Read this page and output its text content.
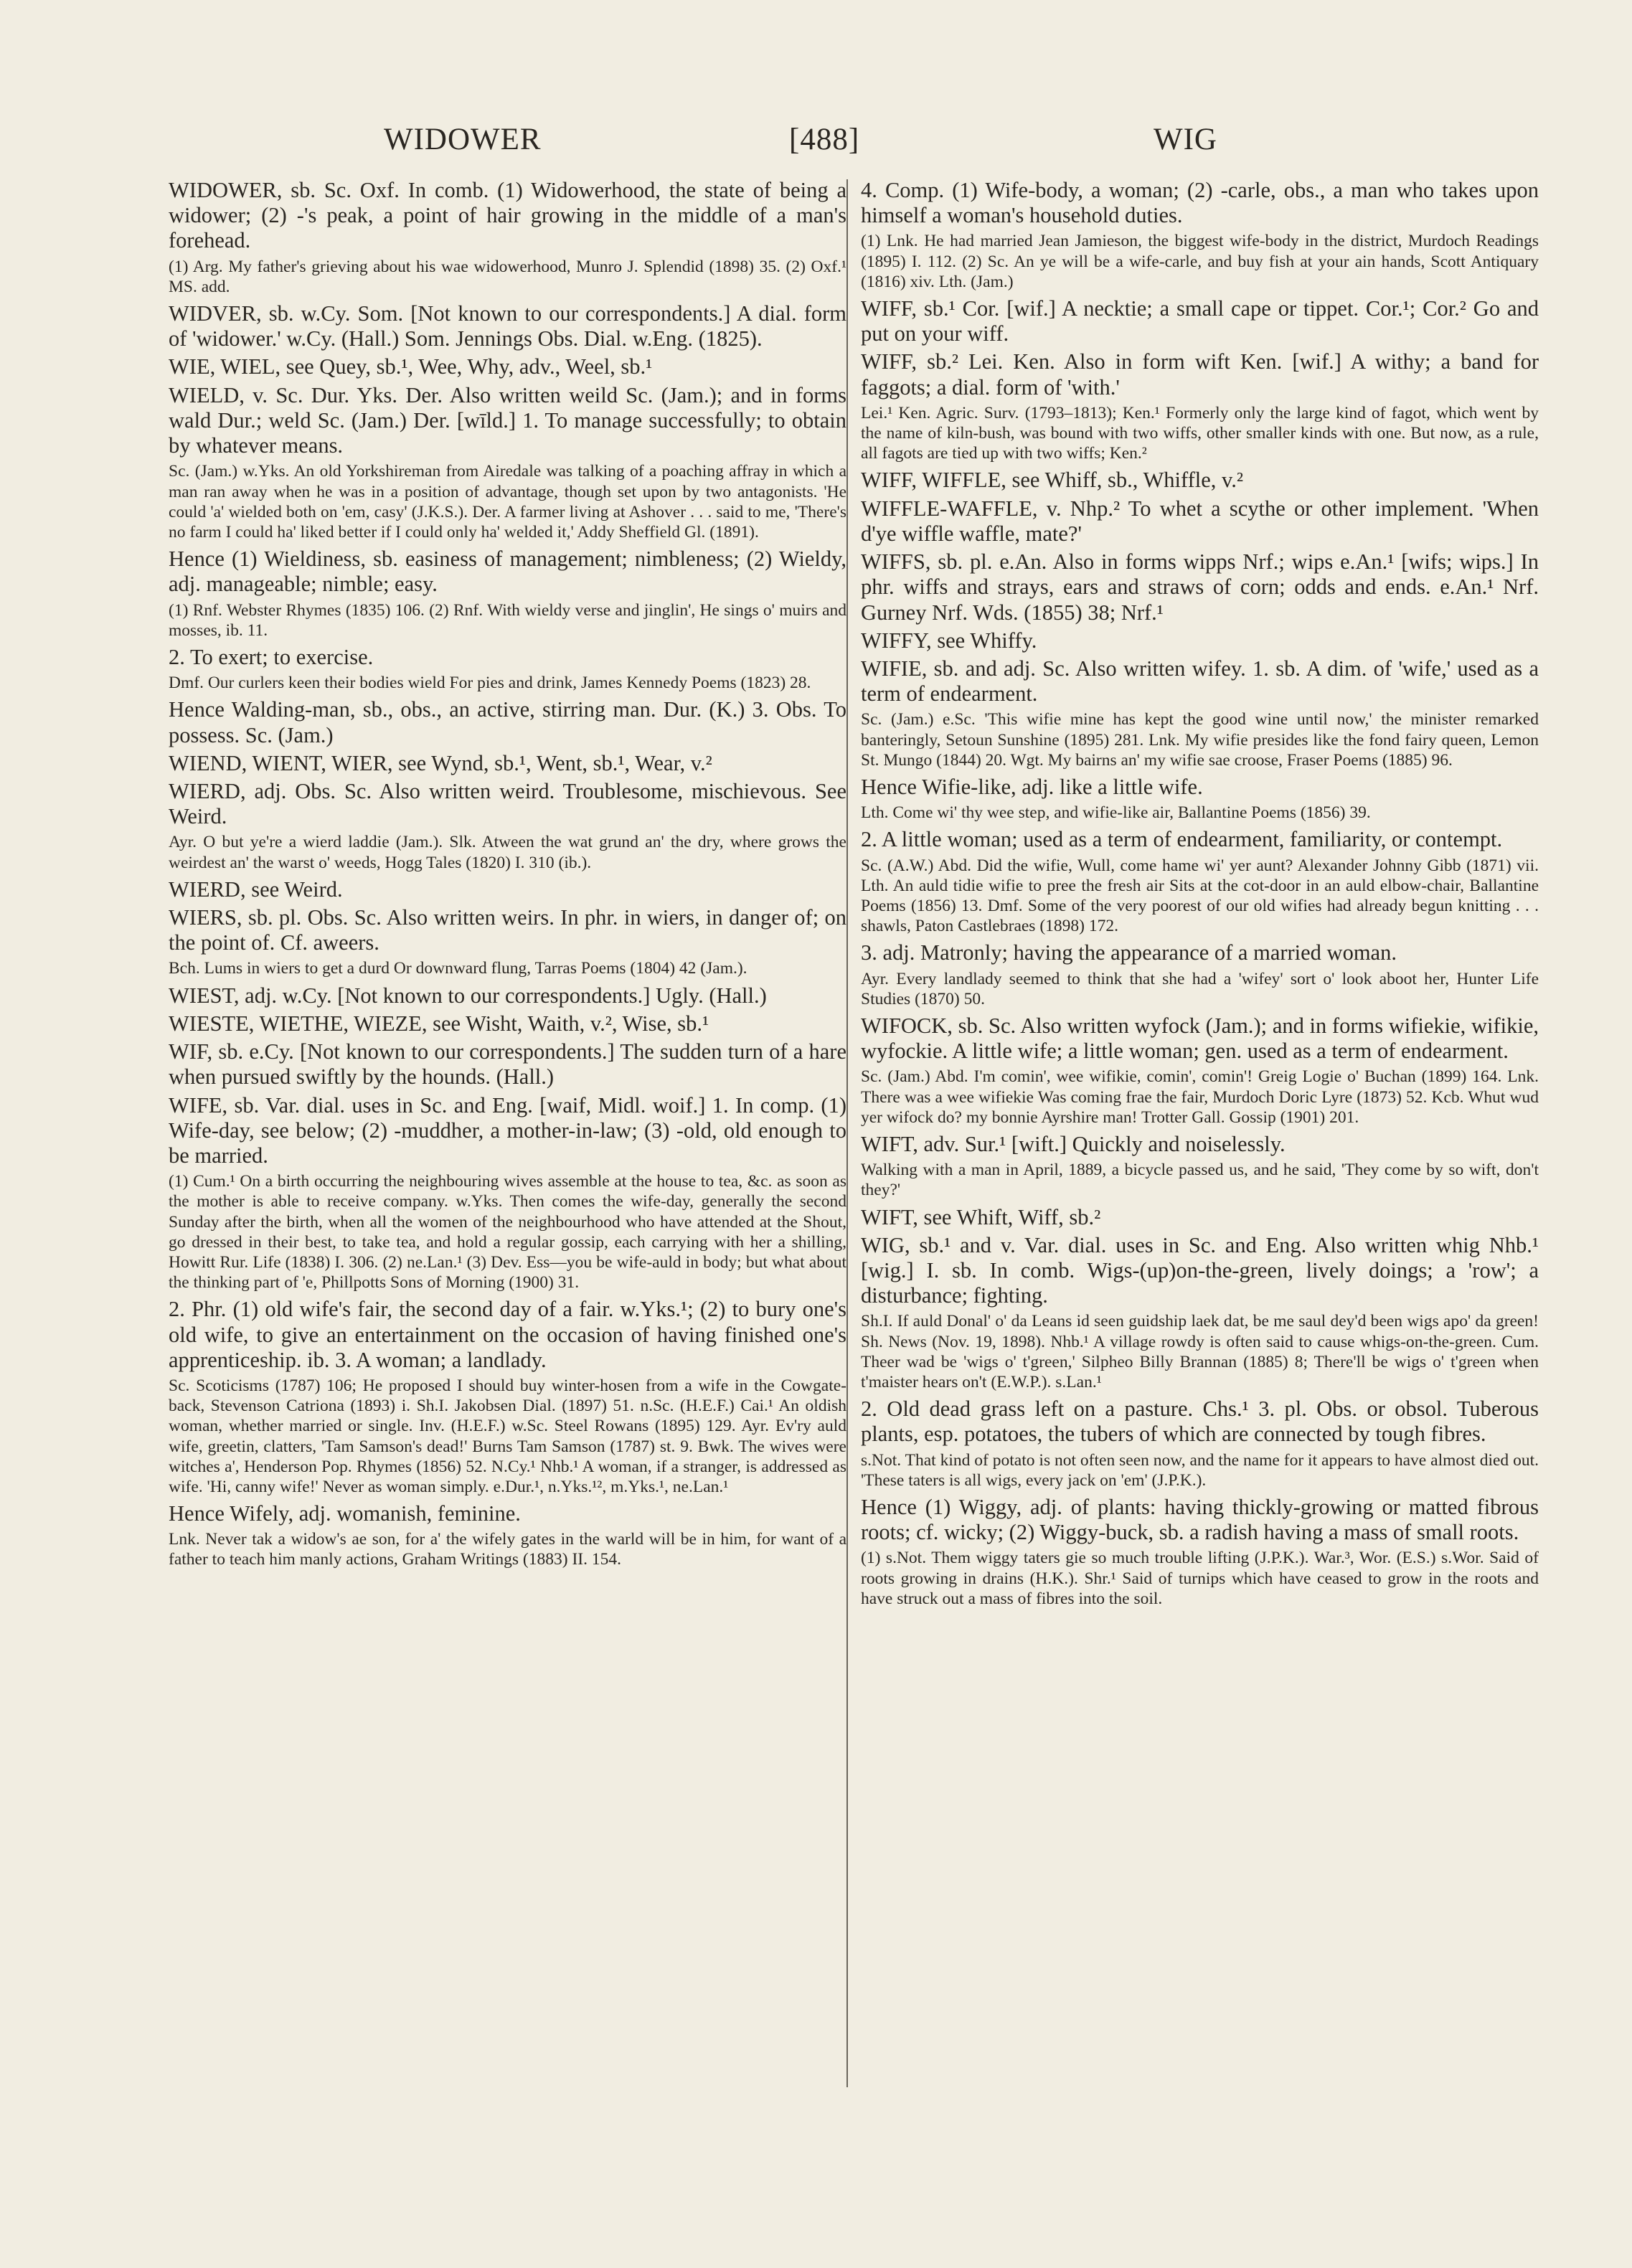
WIDOWER	[488]	WIG

WIDOWER, sb. Sc. Oxf. In comb. (1) Widowerhood, the state of being a widower; (2) -'s peak, a point of hair growing in the middle of a man's forehead.

(1) Arg. My father's grieving about his wae widowerhood, Munro J. Splendid (1898) 35. (2) Oxf.¹ MS. add.

WIDVER, sb. w.Cy. Som. [Not known to our correspondents.] A dial. form of 'widower.' w.Cy. (Hall.) Som. Jennings Obs. Dial. w.Eng. (1825).

WIE, WIEL, see Quey, sb.¹, Wee, Why, adv., Weel, sb.¹

WIELD, v. Sc. Dur. Yks. Der. Also written weild Sc. (Jam.); and in forms wald Dur.; weld Sc. (Jam.) Der. [wīld.] 1. To manage successfully; to obtain by whatever means.

Sc. (Jam.) w.Yks. An old Yorkshireman from Airedale was talking of a poaching affray in which a man ran away when he was in a position of advantage, though set upon by two antagonists. 'He could 'a' wielded both on 'em, casy' (J.K.S.). Der. A farmer living at Ashover . . . said to me, 'There's no farm I could ha' liked better if I could only ha' welded it,' Addy Sheffield Gl. (1891).

Hence (1) Wieldiness, sb. easiness of management; nimbleness; (2) Wieldy, adj. manageable; nimble; easy.

(1) Rnf. Webster Rhymes (1835) 106. (2) Rnf. With wieldy verse and jinglin', He sings o' muirs and mosses, ib. 11.

2. To exert; to exercise.

Dmf. Our curlers keen their bodies wield For pies and drink, James Kennedy Poems (1823) 28.

Hence Walding-man, sb., obs., an active, stirring man. Dur. (K.) 3. Obs. To possess. Sc. (Jam.)

WIEND, WIENT, WIER, see Wynd, sb.¹, Went, sb.¹, Wear, v.²

WIERD, adj. Obs. Sc. Also written weird. Troublesome, mischievous. See Weird.

Ayr. O but ye're a wierd laddie (Jam.). Slk. Atween the wat grund an' the dry, where grows the weirdest an' the warst o' weeds, Hogg Tales (1820) I. 310 (ib.).

WIERD, see Weird.

WIERS, sb. pl. Obs. Sc. Also written weirs. In phr. in wiers, in danger of; on the point of. Cf. aweers.

Bch. Lums in wiers to get a durd Or downward flung, Tarras Poems (1804) 42 (Jam.).

WIEST, adj. w.Cy. [Not known to our correspondents.] Ugly. (Hall.)

WIESTE, WIETHE, WIEZE, see Wisht, Waith, v.², Wise, sb.¹

WIF, sb. e.Cy. [Not known to our correspondents.] The sudden turn of a hare when pursued swiftly by the hounds. (Hall.)

WIFE, sb. Var. dial. uses in Sc. and Eng. [waif, Midl. woif.] 1. In comp. (1) Wife-day, see below; (2) -muddher, a mother-in-law; (3) -old, old enough to be married.

(1) Cum.¹ On a birth occurring the neighbouring wives assemble at the house to tea, &c. as soon as the mother is able to receive company. w.Yks. Then comes the wife-day, generally the second Sunday after the birth, when all the women of the neighbourhood who have attended at the Shout, go dressed in their best, to take tea, and hold a regular gossip, each carrying with her a shilling, Howitt Rur. Life (1838) I. 306. (2) ne.Lan.¹ (3) Dev. Ess—you be wife-auld in body; but what about the thinking part of 'e, Phillpotts Sons of Morning (1900) 31.

2. Phr. (1) old wife's fair, the second day of a fair. w.Yks.¹; (2) to bury one's old wife, to give an entertainment on the occasion of having finished one's apprenticeship. ib. 3. A woman; a landlady.

Sc. Scoticisms (1787) 106; He proposed I should buy winter-hosen from a wife in the Cowgate-back, Stevenson Catriona (1893) i. Sh.I. Jakobsen Dial. (1897) 51. n.Sc. (H.E.F.) Cai.¹ An oldish woman, whether married or single. Inv. (H.E.F.) w.Sc. Steel Rowans (1895) 129. Ayr. Ev'ry auld wife, greetin, clatters, 'Tam Samson's dead!' Burns Tam Samson (1787) st. 9. Bwk. The wives were witches a', Henderson Pop. Rhymes (1856) 52. N.Cy.¹ Nhb.¹ A woman, if a stranger, is addressed as wife. 'Hi, canny wife!' Never as woman simply. e.Dur.¹, n.Yks.¹², m.Yks.¹, ne.Lan.¹

Hence Wifely, adj. womanish, feminine.

Lnk. Never tak a widow's ae son, for a' the wifely gates in the warld will be in him, for want of a father to teach him manly actions, Graham Writings (1883) II. 154.

4. Comp. (1) Wife-body, a woman; (2) -carle, obs., a man who takes upon himself a woman's household duties.

(1) Lnk. He had married Jean Jamieson, the biggest wife-body in the district, Murdoch Readings (1895) I. 112. (2) Sc. An ye will be a wife-carle, and buy fish at your ain hands, Scott Antiquary (1816) xiv. Lth. (Jam.)

WIFF, sb.¹ Cor. [wif.] A necktie; a small cape or tippet. Cor.¹; Cor.² Go and put on your wiff.

WIFF, sb.² Lei. Ken. Also in form wift Ken. [wif.] A withy; a band for faggots; a dial. form of 'with.'

Lei.¹ Ken. Agric. Surv. (1793–1813); Ken.¹ Formerly only the large kind of fagot, which went by the name of kiln-bush, was bound with two wiffs, other smaller kinds with one. But now, as a rule, all fagots are tied up with two wiffs; Ken.²

WIFF, WIFFLE, see Whiff, sb., Whiffle, v.²

WIFFLE-WAFFLE, v. Nhp.² To whet a scythe or other implement. 'When d'ye wiffle waffle, mate?'

WIFFS, sb. pl. e.An. Also in forms wipps Nrf.; wips e.An.¹ [wifs; wips.] In phr. wiffs and strays, ears and straws of corn; odds and ends. e.An.¹ Nrf. Gurney Nrf. Wds. (1855) 38; Nrf.¹

WIFFY, see Whiffy.

WIFIE, sb. and adj. Sc. Also written wifey. 1. sb. A dim. of 'wife,' used as a term of endearment.

Sc. (Jam.) e.Sc. 'This wifie mine has kept the good wine until now,' the minister remarked banteringly, Setoun Sunshine (1895) 281. Lnk. My wifie presides like the fond fairy queen, Lemon St. Mungo (1844) 20. Wgt. My bairns an' my wifie sae croose, Fraser Poems (1885) 96.

Hence Wifie-like, adj. like a little wife.

Lth. Come wi' thy wee step, and wifie-like air, Ballantine Poems (1856) 39.

2. A little woman; used as a term of endearment, familiarity, or contempt.

Sc. (A.W.) Abd. Did the wifie, Wull, come hame wi' yer aunt? Alexander Johnny Gibb (1871) vii. Lth. An auld tidie wifie to pree the fresh air Sits at the cot-door in an auld elbow-chair, Ballantine Poems (1856) 13. Dmf. Some of the very poorest of our old wifies had already begun knitting . . . shawls, Paton Castlebraes (1898) 172.

3. adj. Matronly; having the appearance of a married woman.

Ayr. Every landlady seemed to think that she had a 'wifey' sort o' look aboot her, Hunter Life Studies (1870) 50.

WIFOCK, sb. Sc. Also written wyfock (Jam.); and in forms wifiekie, wifikie, wyfockie. A little wife; a little woman; gen. used as a term of endearment.

Sc. (Jam.) Abd. I'm comin', wee wifikie, comin', comin'! Greig Logie o' Buchan (1899) 164. Lnk. There was a wee wifiekie Was coming frae the fair, Murdoch Doric Lyre (1873) 52. Kcb. Whut wud yer wifock do? my bonnie Ayrshire man! Trotter Gall. Gossip (1901) 201.

WIFT, adv. Sur.¹ [wift.] Quickly and noiselessly.

Walking with a man in April, 1889, a bicycle passed us, and he said, 'They come by so wift, don't they?'

WIFT, see Whift, Wiff, sb.²

WIG, sb.¹ and v. Var. dial. uses in Sc. and Eng. Also written whig Nhb.¹ [wig.] I. sb. In comb. Wigs-(up)on-the-green, lively doings; a 'row'; a disturbance; fighting.

Sh.I. If auld Donal' o' da Leans id seen guidship laek dat, be me saul dey'd been wigs apo' da green! Sh. News (Nov. 19, 1898). Nhb.¹ A village rowdy is often said to cause whigs-on-the-green. Cum. Theer wad be 'wigs o' t'green,' Silpheo Billy Brannan (1885) 8; There'll be wigs o' t'green when t'maister hears on't (E.W.P.). s.Lan.¹

2. Old dead grass left on a pasture. Chs.¹ 3. pl. Obs. or obsol. Tuberous plants, esp. potatoes, the tubers of which are connected by tough fibres.

s.Not. That kind of potato is not often seen now, and the name for it appears to have almost died out. 'These taters is all wigs, every jack on 'em' (J.P.K.).

Hence (1) Wiggy, adj. of plants: having thickly-growing or matted fibrous roots; cf. wicky; (2) Wiggy-buck, sb. a radish having a mass of small roots.

(1) s.Not. Them wiggy taters gie so much trouble lifting (J.P.K.). War.³, Wor. (E.S.) s.Wor. Said of roots growing in drains (H.K.). Shr.¹ Said of turnips which have ceased to grow in the roots and have struck out a mass of fibres into the soil.
